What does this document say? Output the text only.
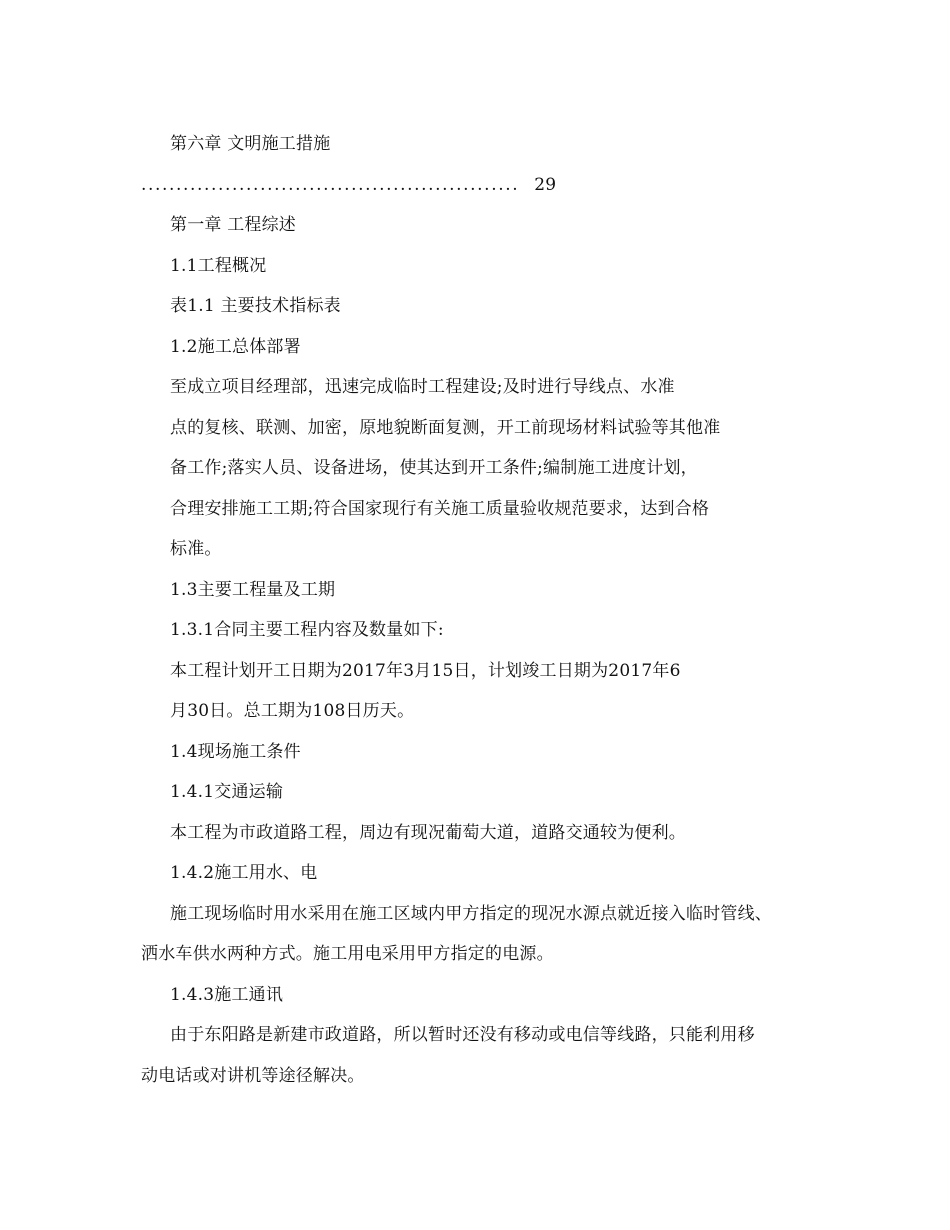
第六章 文明施工措施
...................................................... 29
第一章 工程综述
1.1工程概况
表1.1 主要技术指标表
1.2施工总体部署
至成立项目经理部，迅速完成临时工程建设;及时进行导线点、水准
点的复核、联测、加密，原地貌断面复测，开工前现场材料试验等其他准
备工作;落实人员、设备进场，使其达到开工条件;编制施工进度计划，
合理安排施工工期;符合国家现行有关施工质量验收规范要求，达到合格
标准。
1.3主要工程量及工期
1.3.1合同主要工程内容及数量如下:
本工程计划开工日期为2017年3月15日，计划竣工日期为2017年6
月30日。总工期为108日历天。
1.4现场施工条件
1.4.1交通运输
本工程为市政道路工程，周边有现况葡萄大道，道路交通较为便利。
1.4.2施工用水、电
施工现场临时用水采用在施工区域内甲方指定的现况水源点就近接入临时管线、
洒水车供水两种方式。施工用电采用甲方指定的电源。
1.4.3施工通讯
由于东阳路是新建市政道路，所以暂时还没有移动或电信等线路，只能利用移
动电话或对讲机等途径解决。
